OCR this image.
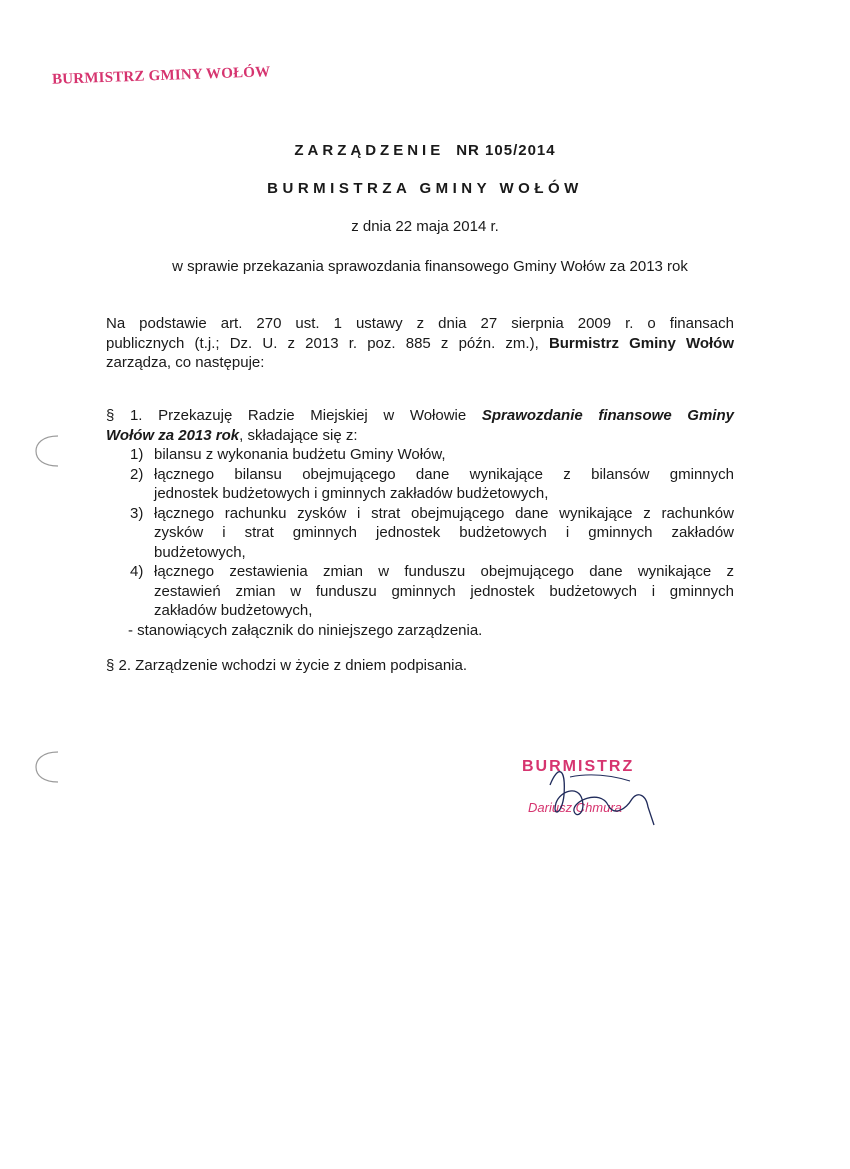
BURMISTRZ GMINY WOŁÓW
ZARZĄDZENIE NR 105/2014
BURMISTRZA GMINY WOŁÓW
z dnia 22 maja 2014 r.
w sprawie przekazania sprawozdania finansowego Gminy Wołów za 2013 rok
Na podstawie art. 270 ust. 1 ustawy z dnia 27 sierpnia 2009 r. o finansach
publicznych (t.j.; Dz. U. z 2013 r. poz. 885 z późn. zm.), Burmistrz Gminy Wołów
zarządza, co następuje:
§ 1. Przekazuję Radzie Miejskiej w Wołowie Sprawozdanie finansowe Gminy
Wołów za 2013 rok, składające się z:
1) bilansu z wykonania budżetu Gminy Wołów,
2) łącznego bilansu obejmującego dane wynikające z bilansów gminnych
jednostek budżetowych i gminnych zakładów budżetowych,
3) łącznego rachunku zysków i strat obejmującego dane wynikające z rachunków
zysków i strat gminnych jednostek budżetowych i gminnych zakładów
budżetowych,
4) łącznego zestawienia zmian w funduszu obejmującego dane wynikające z
zestawień zmian w funduszu gminnych jednostek budżetowych i gminnych
zakładów budżetowych,
- stanowiących załącznik do niniejszego zarządzenia.
§ 2. Zarządzenie wchodzi w życie z dniem podpisania.
BURMISTRZ
Dariusz Chmura
